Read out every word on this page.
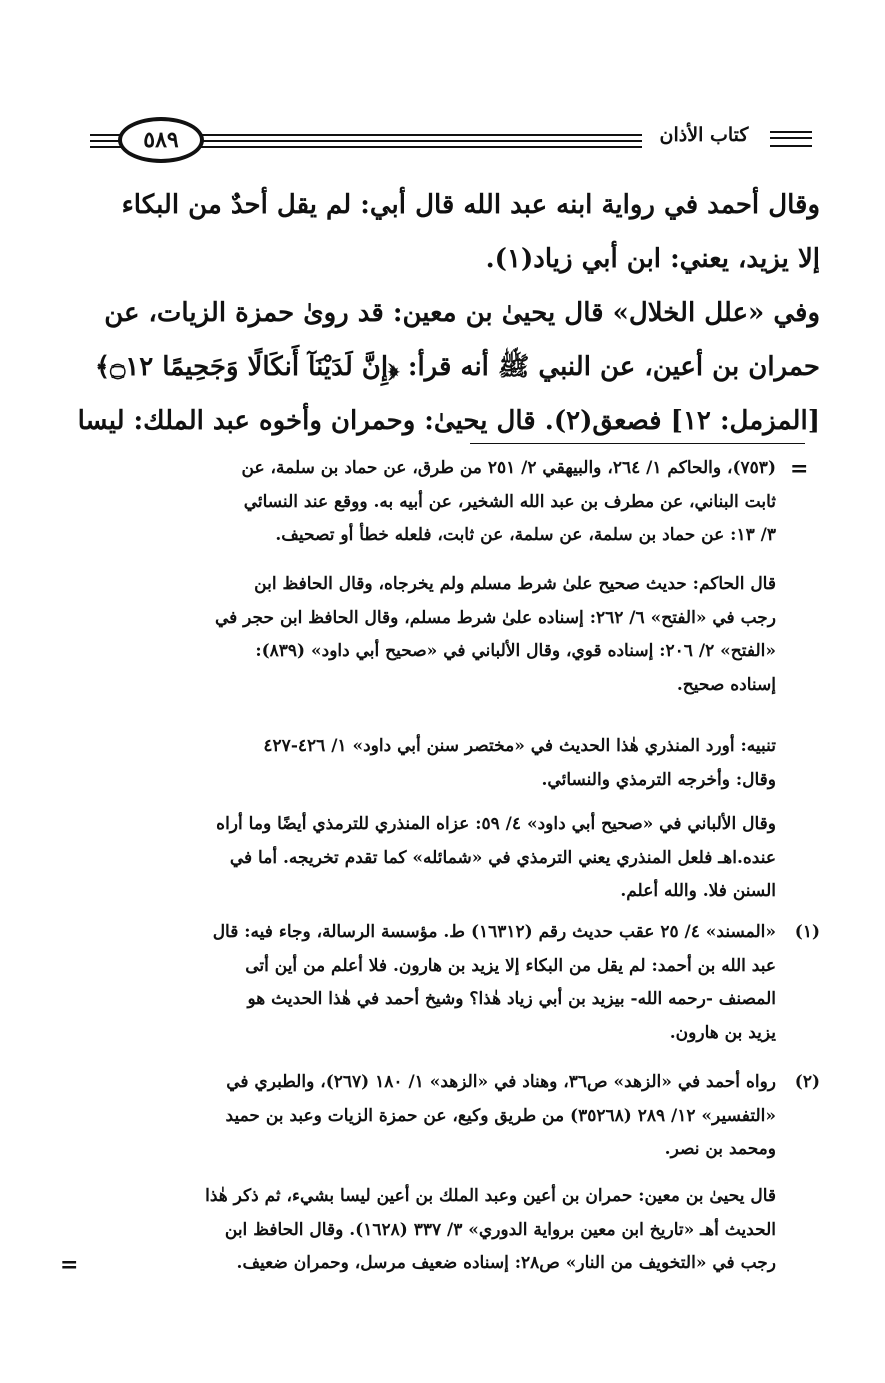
كتاب الأذان
٥٨٩
وقال أحمد في رواية ابنه عبد الله قال أبي: لم يقل أحدٌ من البكاء
إلا يزيد، يعني: ابن أبي زياد(١).
وفي «علل الخلال» قال يحيىٰ بن معين: قد روىٰ حمزة الزيات، عن
حمران بن أعين، عن النبي ﷺ أنه قرأ: ﴿إِنَّ لَدَيْنَآ أَنكَالًا وَجَحِيمًا ۝١٢﴾
[المزمل: ١٢] فصعق(٢). قال يحيىٰ: وحمران وأخوه عبد الملك: ليسا
=
(٧٥٣)، والحاكم ١/ ٢٦٤، والبيهقي ٢/ ٢٥١ من طرق، عن حماد بن سلمة، عن
ثابت البناني، عن مطرف بن عبد الله الشخير، عن أبيه به. ووقع عند النسائي
٣/ ١٣: عن حماد بن سلمة، عن سلمة، عن ثابت، فلعله خطأ أو تصحيف.
قال الحاكم: حديث صحيح علىٰ شرط مسلم ولم يخرجاه، وقال الحافظ ابن
رجب في «الفتح» ٦/ ٢٦٢: إسناده علىٰ شرط مسلم، وقال الحافظ ابن حجر في
«الفتح» ٢/ ٢٠٦: إسناده قوي، وقال الألباني في «صحيح أبي داود» (٨٣٩):
إسناده صحيح.
تنبيه: أورد المنذري هٰذا الحديث في «مختصر سنن أبي داود» ١/ ٤٢٦-٤٢٧
وقال: وأخرجه الترمذي والنسائي.
وقال الألباني في «صحيح أبي داود» ٤/ ٥٩: عزاه المنذري للترمذي أيضًا وما أراه
عنده.اهـ فلعل المنذري يعني الترمذي في «شمائله» كما تقدم تخريجه. أما في
السنن فلا. والله أعلم.
(١)
«المسند» ٤/ ٢٥ عقب حديث رقم (١٦٣١٢) ط. مؤسسة الرسالة، وجاء فيه: قال
عبد الله بن أحمد: لم يقل من البكاء إلا يزيد بن هارون. فلا أعلم من أين أتى
المصنف -رحمه الله- بيزيد بن أبي زياد هٰذا؟ وشيخ أحمد في هٰذا الحديث هو
يزيد بن هارون.
(٢)
رواه أحمد في «الزهد» ص٣٦، وهناد في «الزهد» ١/ ١٨٠ (٢٦٧)، والطبري في
«التفسير» ١٢/ ٢٨٩ (٣٥٢٦٨) من طريق وكيع، عن حمزة الزيات وعبد بن حميد
ومحمد بن نصر.
قال يحيىٰ بن معين: حمران بن أعين وعبد الملك بن أعين ليسا بشيء، ثم ذكر هٰذا
الحديث أهـ «تاريخ ابن معين برواية الدوري» ٣/ ٣٣٧ (١٦٢٨). وقال الحافظ ابن
رجب في «التخويف من النار» ص٢٨: إسناده ضعيف مرسل، وحمران ضعيف.
=
